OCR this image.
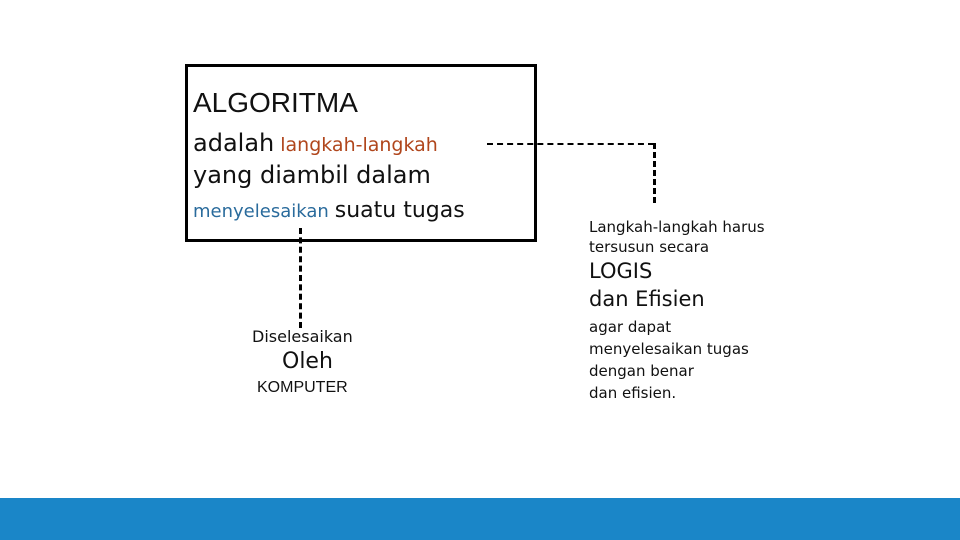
ALGORITMA
adalah langkah-langkah
yang diambil dalam
menyelesaikan suatu tugas
Diselesaikan
Oleh
KOMPUTER
Langkah-langkah harus
tersusun secara
LOGIS
dan Efisien
agar dapat
menyelesaikan tugas
dengan benar
dan efisien.
